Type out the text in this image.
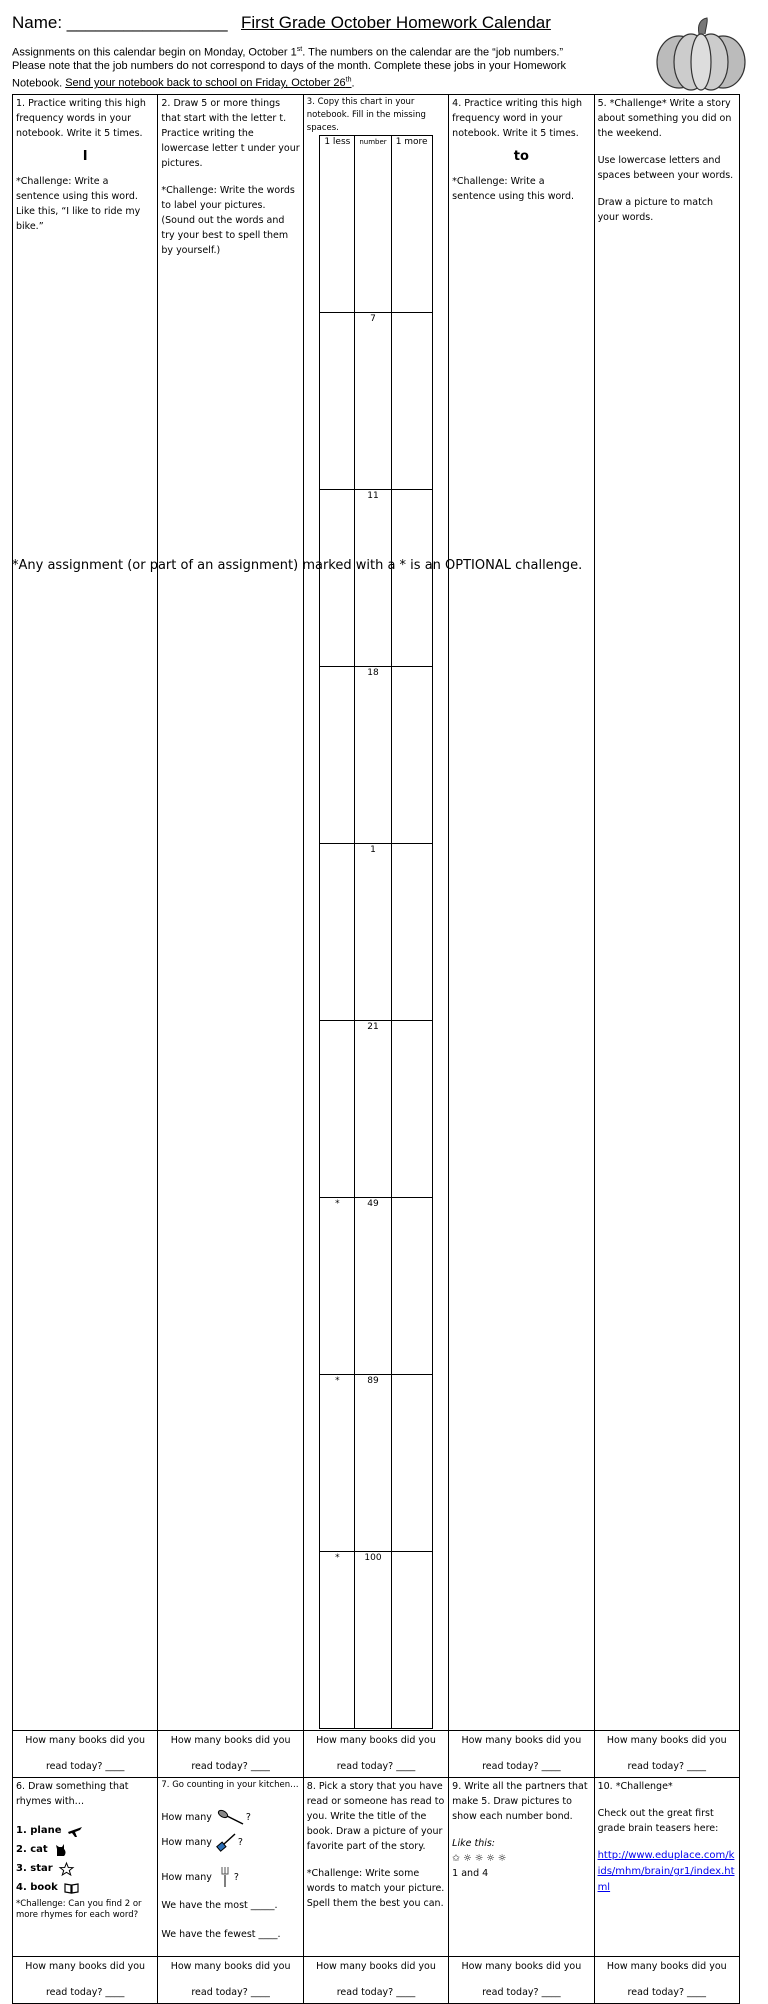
Name: _________________ First Grade October Homework Calendar
Assignments on this calendar begin on Monday, October 1st. The numbers on the calendar are the “job numbers.”
Please note that the job numbers do not correspond to days of the month. Complete these jobs in your Homework
Notebook. Send your notebook back to school on Friday, October 26th.
1. Practice writing this high frequency words in your notebook. Write it 5 times.
I
*Challenge: Write a sentence using this word. Like this, “I like to ride my bike.”

2. Draw 5 or more things that start with the letter t. Practice writing the lowercase letter t under your pictures.
*Challenge: Write the words to label your pictures. (Sound out the words and try your best to spell them by yourself.)

3. Copy this chart in your notebook. Fill in the missing spaces.
1 less	number	1 more
	7	
	11	
	18	
	1	
	21	
*	49	
*	89	
*	100	

4. Practice writing this high frequency word in your notebook. Write it 5 times.
to
*Challenge: Write a sentence using this word.

5. *Challenge* Write a story about something you did on the weekend.
Use lowercase letters and spaces between your words.
Draw a picture to match your words.

How many books did you

read today? ____

How many books did you

read today? ____

How many books did you

read today? ____

How many books did you

read today? ____

How many books did you

read today? ____

6. Draw something that rhymes with…
1. plane
2. cat
3. star
4. book
*Challenge: Can you find 2 or more rhymes for each word?

7. Go counting in your kitchen…
How many	?
How many	?
How many ?
We have the most _____.
We have the fewest ____.

8. Pick a story that you have read or someone has read to you. Write the title of the book. Draw a picture of your favorite part of the story.
*Challenge: Write some words to match your picture. Spell them the best you can.

9. Write all the partners that make 5. Draw pictures to show each number bond.
Like this:
✩ ☼ ☼ ☼ ☼
1 and 4

10. *Challenge*
Check out the great first grade brain teasers here:
http://www.eduplace.com/kids/mhm/brain/gr1/index.html

How many books did you

read today? ____

How many books did you

read today? ____

How many books did you

read today? ____

How many books did you

read today? ____

How many books did you

read today? ____
*Any assignment (or part of an assignment) marked with a * is an OPTIONAL challenge.
